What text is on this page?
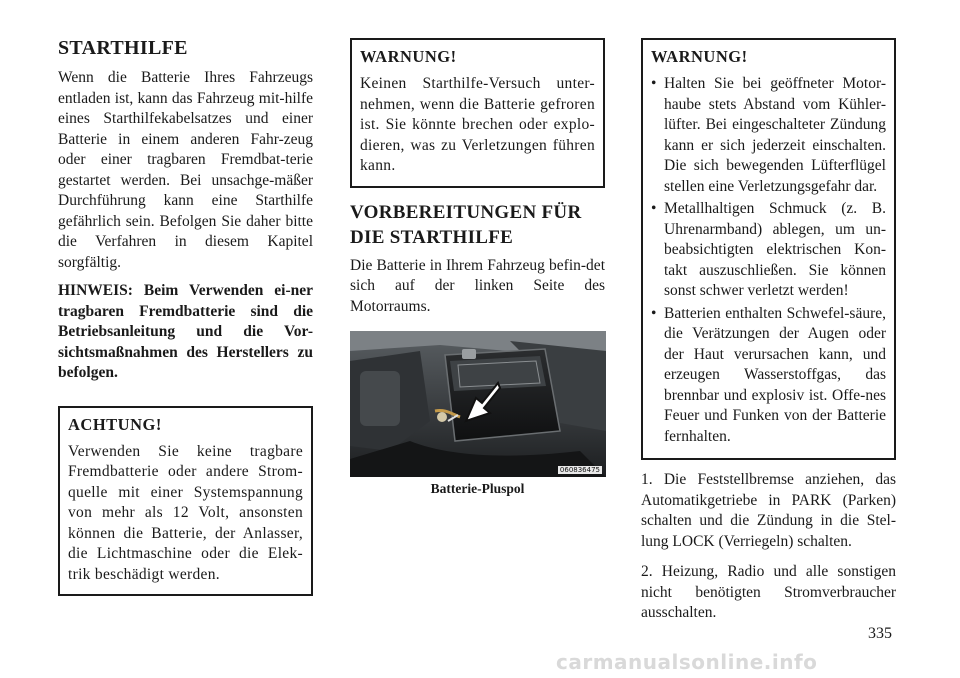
STARTHILFE

Wenn die Batterie Ihres Fahrzeugs entladen ist, kann das Fahrzeug mit-hilfe eines Starthilfekabelsatzes und einer Batterie in einem anderen Fahr-zeug oder einer tragbaren Fremdbat-terie gestartet werden. Bei unsachge-mäßer Durchführung kann eine Starthilfe gefährlich sein. Befolgen Sie daher bitte die Verfahren in diesem Kapitel sorgfältig.

HINWEIS: Beim Verwenden ei-ner tragbaren Fremdbatterie sind die Betriebsanleitung und die Vor-sichtsmaßnahmen des Herstellers zu befolgen.

ACHTUNG!

Verwenden Sie keine tragbare Fremdbatterie oder andere Strom-quelle mit einer Systemspannung von mehr als 12 Volt, ansonsten können die Batterie, der Anlasser, die Lichtmaschine oder die Elek-trik beschädigt werden.

WARNUNG!

Keinen Starthilfe-Versuch unter-nehmen, wenn die Batterie gefroren ist. Sie könnte brechen oder explo-dieren, was zu Verletzungen führen kann.

VORBEREITUNGEN FÜR DIE STARTHILFE

Die Batterie in Ihrem Fahrzeug befin-det sich auf der linken Seite des Motorraums.

060836475
Batterie-Pluspol
WARNUNG!
• Halten Sie bei geöffneter Motor-haube stets Abstand vom Kühler-lüfter. Bei eingeschalteter Zündung kann er sich jederzeit einschalten. Die sich bewegenden Lüfterflügel stellen eine Verletzungsgefahr dar.
• Metallhaltigen Schmuck (z. B. Uhrenarmband) ablegen, um un-beabsichtigten elektrischen Kon-takt auszuschließen. Sie können sonst schwer verletzt werden!
• Batterien enthalten Schwefel-säure, die Verätzungen der Augen oder der Haut verursachen kann, und erzeugen Wasserstoffgas, das brennbar und explosiv ist. Offe-nes Feuer und Funken von der Batterie fernhalten.

1. Die Feststellbremse anziehen, das Automatikgetriebe in PARK (Parken) schalten und die Zündung in die Stel-lung LOCK (Verriegeln) schalten.

2. Heizung, Radio und alle sonstigen nicht benötigten Stromverbraucher ausschalten.

335
carmanualsonline.info
